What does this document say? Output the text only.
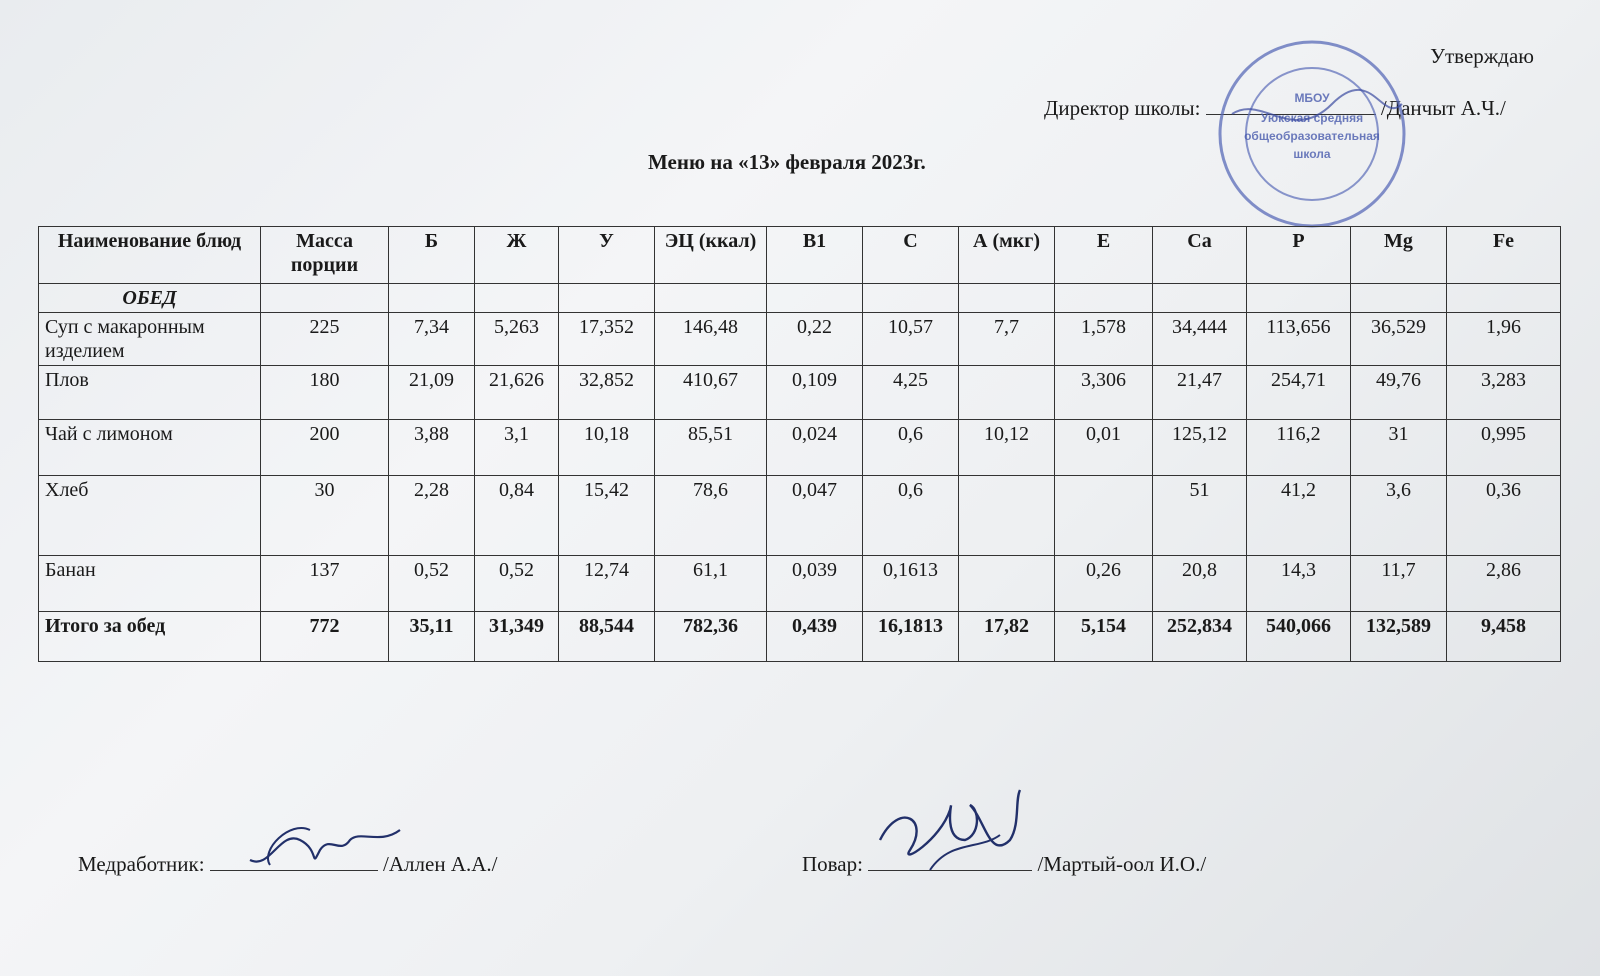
Утверждаю
Директор школы:	/Данчыт А.Ч./
МБОУ
Уюкская средняя
общеобразовательная
школа
Меню на «13» февраля 2023г.
Наименование блюд	Масса порции	Б	Ж	У	ЭЦ (ккал)	В1	С	А (мкг)	Е	Ca	P	Mg	Fe
ОБЕД													
Суп с макаронным изделием	225	7,34	5,263	17,352	146,48	0,22	10,57	7,7	1,578	34,444	113,656	36,529	1,96
Плов	180	21,09	21,626	32,852	410,67	0,109	4,25		3,306	21,47	254,71	49,76	3,283
Чай с лимоном	200	3,88	3,1	10,18	85,51	0,024	0,6	10,12	0,01	125,12	116,2	31	0,995
Хлеб	30	2,28	0,84	15,42	78,6	0,047	0,6			51	41,2	3,6	0,36
Банан	137	0,52	0,52	12,74	61,1	0,039	0,1613		0,26	20,8	14,3	11,7	2,86
Итого за обед	772	35,11	31,349	88,544	782,36	0,439	16,1813	17,82	5,154	252,834	540,066	132,589	9,458
Медработник:	/Аллен А.А./	Повар:	/Мартый-оол И.О./
